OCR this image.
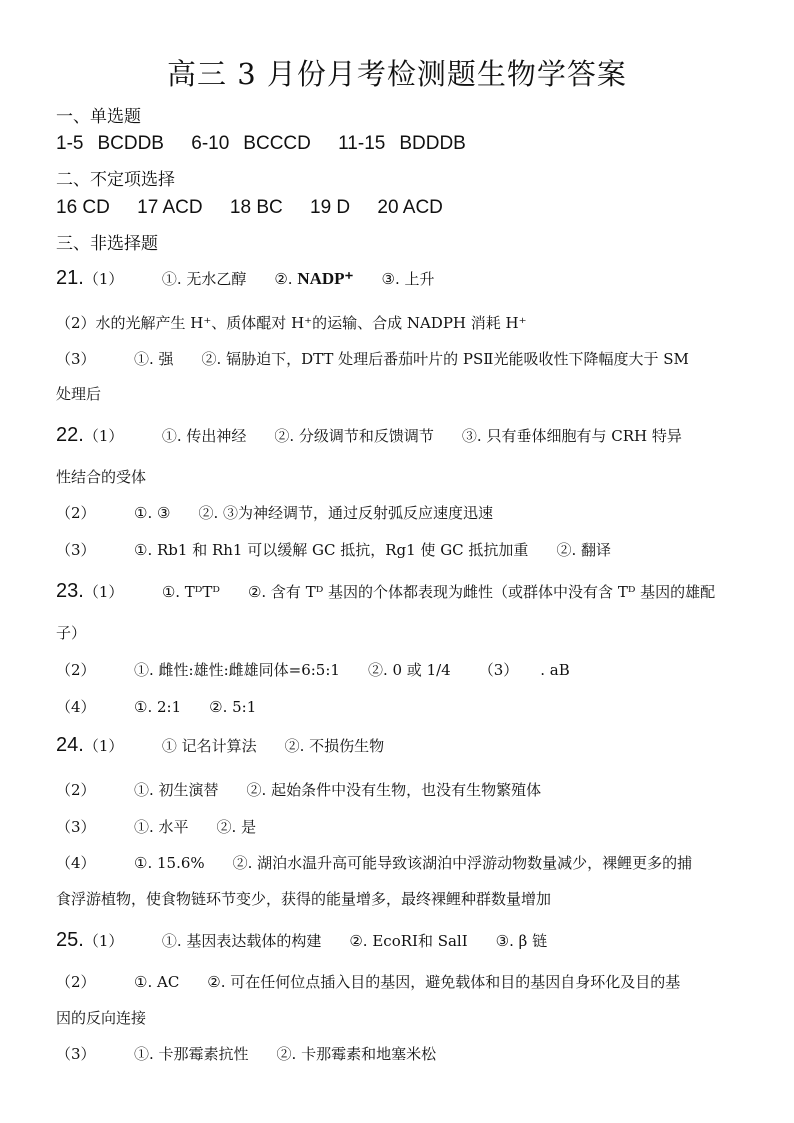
高三 3 月份月考检测题生物学答案
一、单选题
1-5 BCDDB 6-10 BCCCD 11-15 BDDDB
二、不定项选择
16 CD 17 ACD 18 BC 19 D 20 ACD
三、非选择题
21.（1）	①. 无水乙醇 ②. NADP⁺ ③. 上升
（2）水的光解产生 H⁺、质体醌对 H⁺的运输、合成 NADPH 消耗 H⁺
（3）	①. 强 ②. 镉胁迫下，DTT 处理后番茄叶片的 PSⅡ光能吸收性下降幅度大于 SM
处理后
22.（1）	①. 传出神经 ②. 分级调节和反馈调节 ③. 只有垂体细胞有与 CRH 特异
性结合的受体
（2）	①. ③ ②. ③为神经调节，通过反射弧反应速度迅速
（3）	①. Rb1 和 Rh1 可以缓解 GC 抵抗，Rg1 使 GC 抵抗加重 ②. 翻译
23.（1）	①. TᴰTᴰ ②. 含有 Tᴰ 基因的个体都表现为雌性（或群体中没有含 Tᴰ 基因的雄配
子）
（2）	①. 雌性:雄性:雌雄同体=6:5:1 ②. 0 或 1/4 （3） . aB
（4）	①. 2:1 ②. 5:1
24.（1）	① 记名计算法 ②. 不损伤生物
（2）	①. 初生演替 ②. 起始条件中没有生物，也没有生物繁殖体
（3）	①. 水平 ②. 是
（4）	①. 15.6% ②. 湖泊水温升高可能导致该湖泊中浮游动物数量减少，裸鲤更多的捕
食浮游植物，使食物链环节变少，获得的能量增多，最终裸鲤种群数量增加
25.（1）	①. 基因表达载体的构建 ②. EcoRⅠ和 SalⅠ ③. β 链
（2）	①. AC ②. 可在任何位点插入目的基因，避免载体和目的基因自身环化及目的基
因的反向连接
（3）	①. 卡那霉素抗性 ②. 卡那霉素和地塞米松
